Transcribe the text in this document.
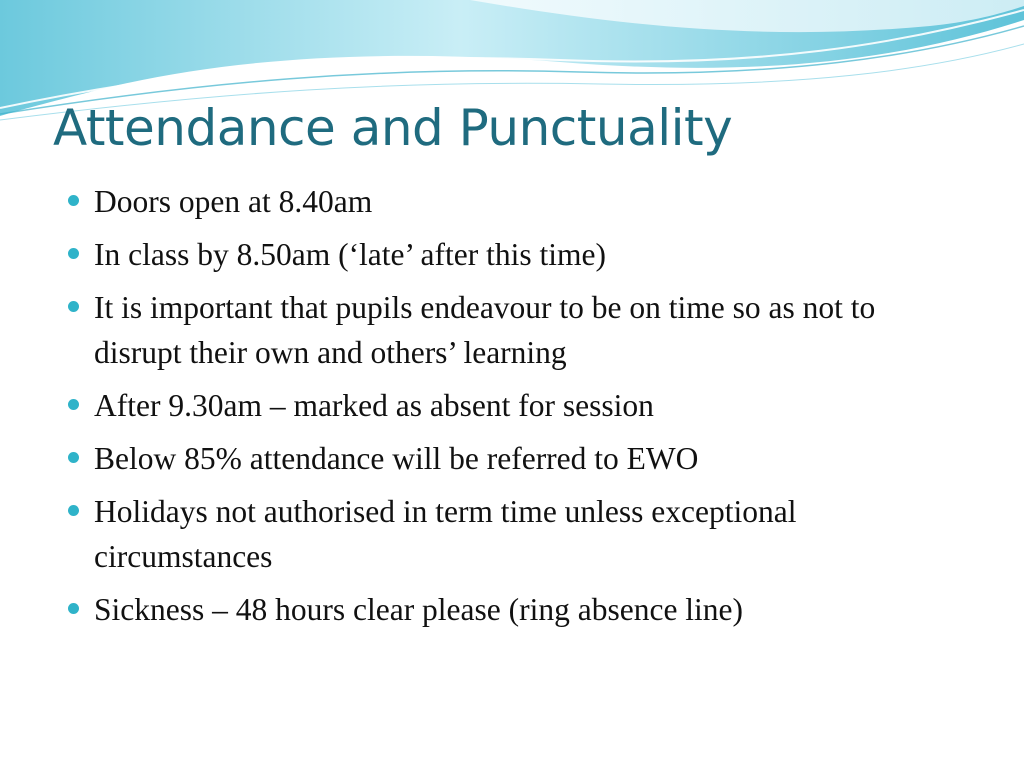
Attendance and Punctuality
Doors open at 8.40am
In class by 8.50am (‘late’ after this time)
It is important that pupils endeavour to be on time so as not to disrupt their own and others’ learning
After 9.30am – marked as absent for session
Below 85% attendance will be referred to EWO
Holidays not authorised in term time unless exceptional circumstances
Sickness – 48 hours clear please (ring absence line)
